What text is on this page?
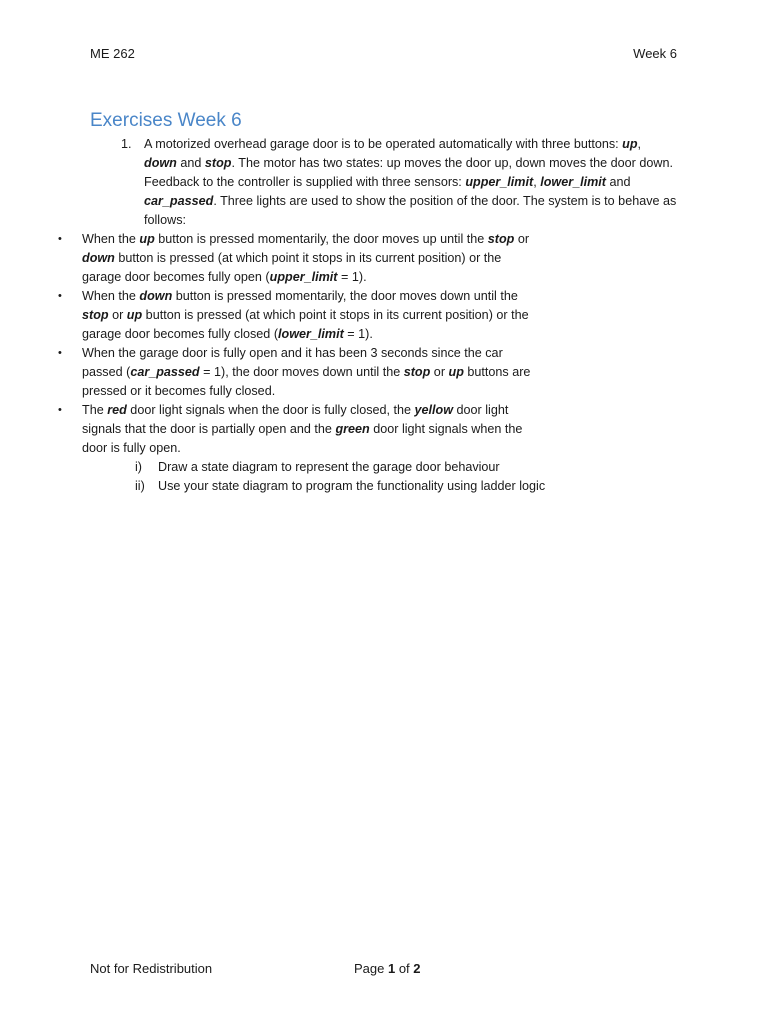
ME 262	Week 6
Exercises Week 6
1. A motorized overhead garage door is to be operated automatically with three buttons: up, down and stop. The motor has two states: up moves the door up, down moves the door down. Feedback to the controller is supplied with three sensors: upper_limit, lower_limit and car_passed. Three lights are used to show the position of the door. The system is to behave as follows:
• When the up button is pressed momentarily, the door moves up until the stop or down button is pressed (at which point it stops in its current position) or the garage door becomes fully open (upper_limit = 1).
• When the down button is pressed momentarily, the door moves down until the stop or up button is pressed (at which point it stops in its current position) or the garage door becomes fully closed (lower_limit = 1).
• When the garage door is fully open and it has been 3 seconds since the car passed (car_passed = 1), the door moves down until the stop or up buttons are pressed or it becomes fully closed.
• The red door light signals when the door is fully closed, the yellow door light signals that the door is partially open and the green door light signals when the door is fully open.
i) Draw a state diagram to represent the garage door behaviour
ii) Use your state diagram to program the functionality using ladder logic
Not for Redistribution	Page 1 of 2
